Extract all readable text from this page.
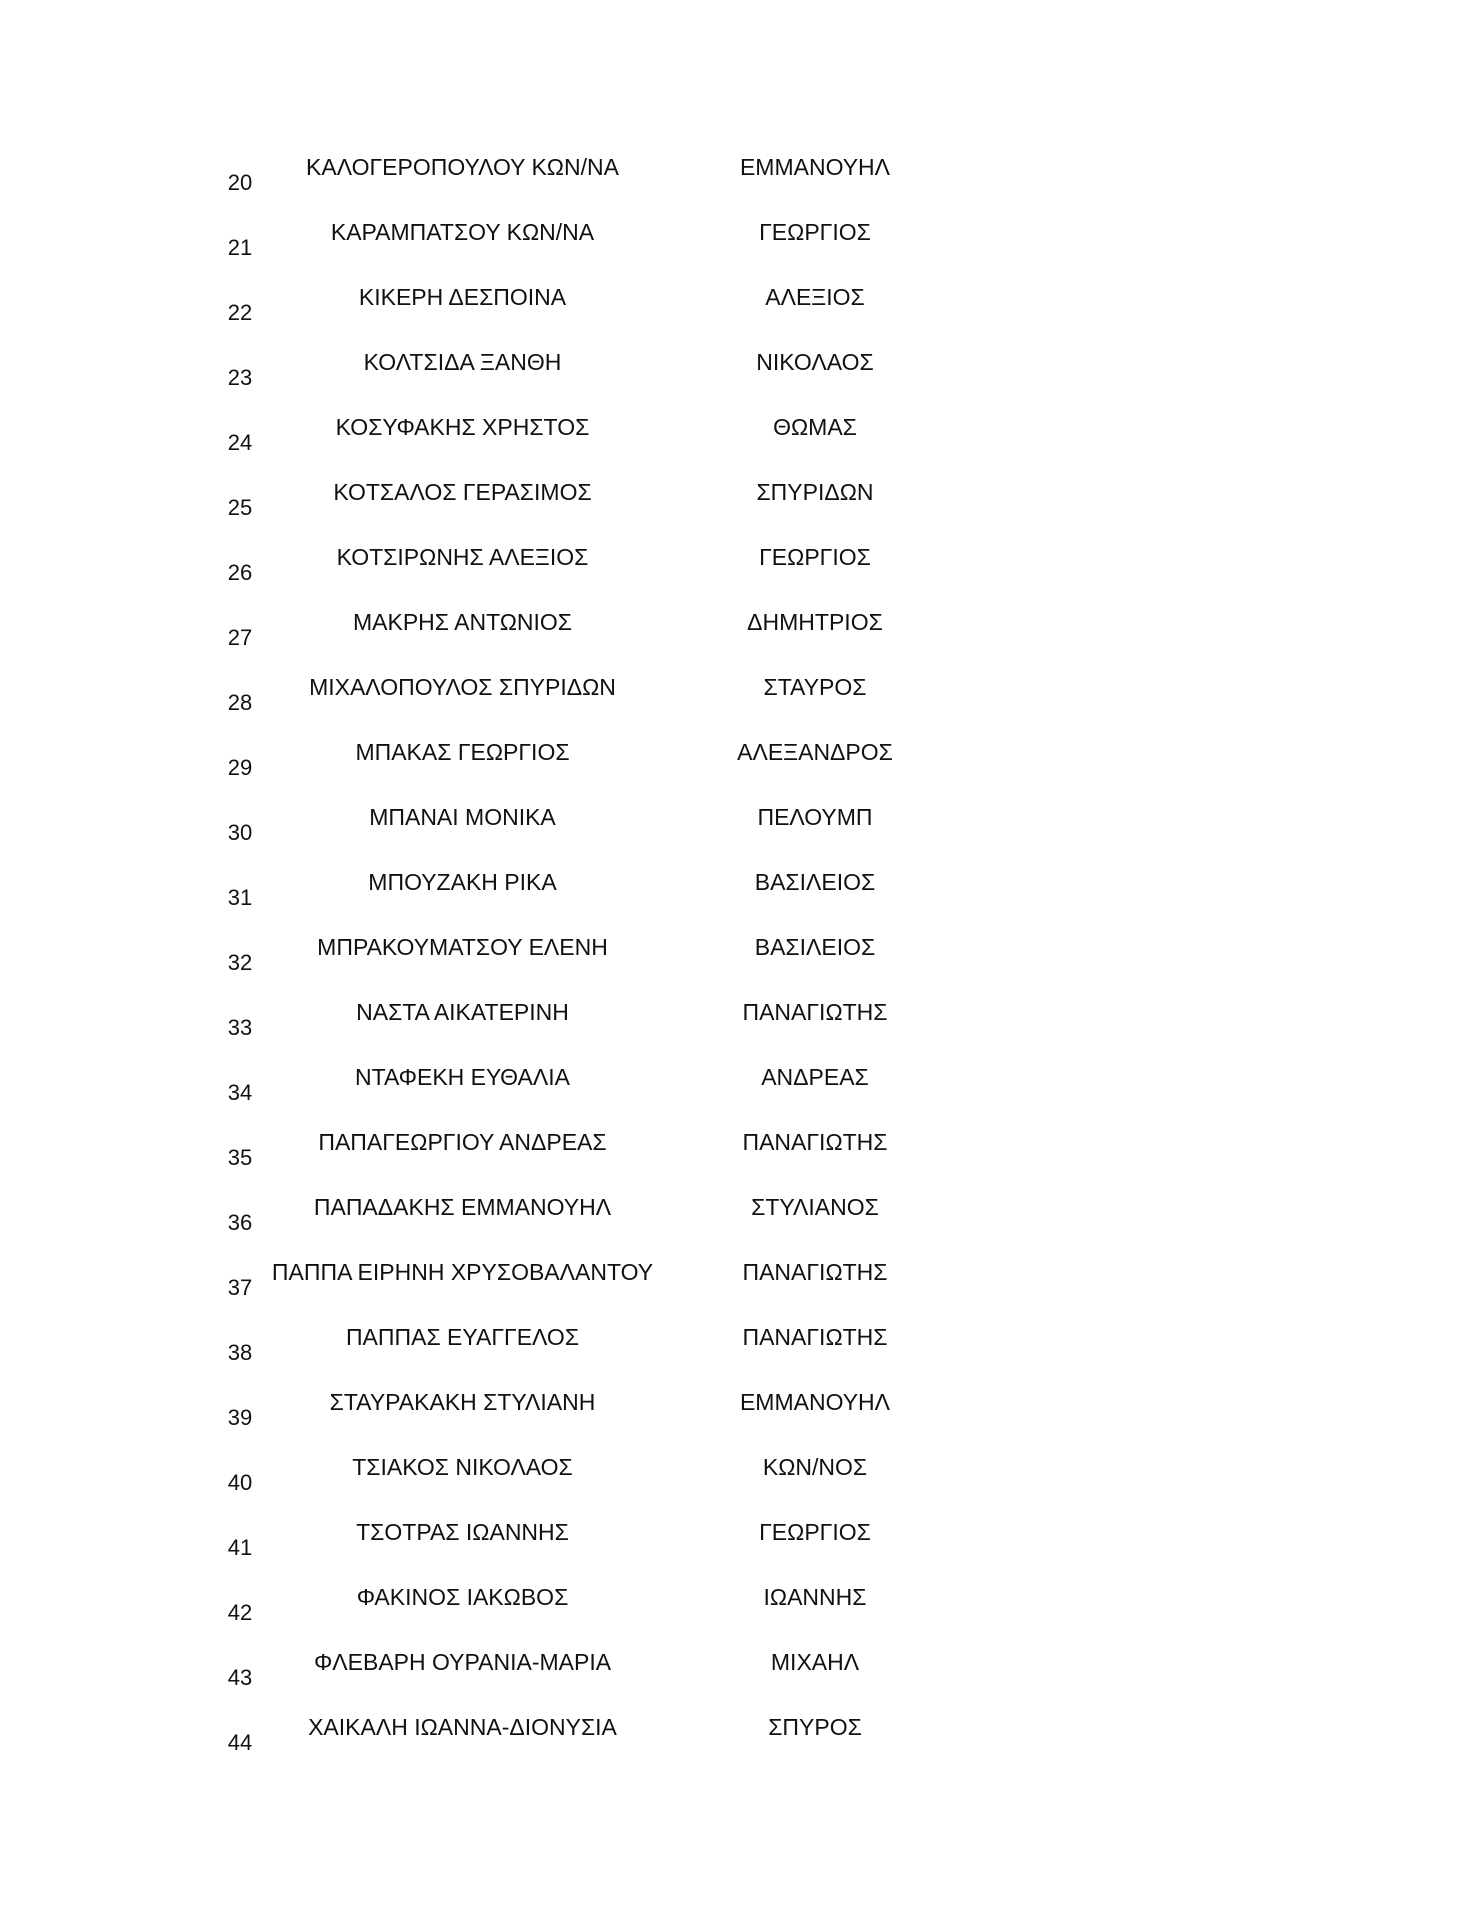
20
ΚΑΛΟΓΕΡΟΠΟΥΛΟΥ ΚΩΝ/ΝΑ	ΕΜΜΑΝΟΥΗΛ
21
ΚΑΡΑΜΠΑΤΣΟΥ ΚΩΝ/ΝΑ	ΓΕΩΡΓΙΟΣ
22
ΚΙΚΕΡΗ ΔΕΣΠΟΙΝΑ	ΑΛΕΞΙΟΣ
23
ΚΟΛΤΣΙΔΑ ΞΑΝΘΗ	ΝΙΚΟΛΑΟΣ
24
ΚΟΣΥΦΑΚΗΣ ΧΡΗΣΤΟΣ	ΘΩΜΑΣ
25
ΚΟΤΣΑΛΟΣ ΓΕΡΑΣΙΜΟΣ	ΣΠΥΡΙΔΩΝ
26
ΚΟΤΣΙΡΩΝΗΣ ΑΛΕΞΙΟΣ	ΓΕΩΡΓΙΟΣ
27
ΜΑΚΡΗΣ ΑΝΤΩΝΙΟΣ	ΔΗΜΗΤΡΙΟΣ
28
ΜΙΧΑΛΟΠΟΥΛΟΣ ΣΠΥΡΙΔΩΝ	ΣΤΑΥΡΟΣ
29
ΜΠΑΚΑΣ ΓΕΩΡΓΙΟΣ	ΑΛΕΞΑΝΔΡΟΣ
30
ΜΠΑΝΑΙ ΜΟΝΙΚΑ	ΠΕΛΟΥΜΠ
31
ΜΠΟΥΖΑΚΗ ΡΙΚΑ	ΒΑΣΙΛΕΙΟΣ
32
ΜΠΡΑΚΟΥΜΑΤΣΟΥ ΕΛΕΝΗ	ΒΑΣΙΛΕΙΟΣ
33
ΝΑΣΤΑ ΑΙΚΑΤΕΡΙΝΗ	ΠΑΝΑΓΙΩΤΗΣ
34
ΝΤΑΦΕΚΗ ΕΥΘΑΛΙΑ	ΑΝΔΡΕΑΣ
35
ΠΑΠΑΓΕΩΡΓΙΟΥ ΑΝΔΡΕΑΣ	ΠΑΝΑΓΙΩΤΗΣ
36
ΠΑΠΑΔΑΚΗΣ ΕΜΜΑΝΟΥΗΛ	ΣΤΥΛΙΑΝΟΣ
37
ΠΑΠΠΑ ΕΙΡΗΝΗ ΧΡΥΣΟΒΑΛΑΝΤΟΥ	ΠΑΝΑΓΙΩΤΗΣ
38
ΠΑΠΠΑΣ ΕΥΑΓΓΕΛΟΣ	ΠΑΝΑΓΙΩΤΗΣ
39
ΣΤΑΥΡΑΚΑΚΗ ΣΤΥΛΙΑΝΗ	ΕΜΜΑΝΟΥΗΛ
40
ΤΣΙΑΚΟΣ ΝΙΚΟΛΑΟΣ	ΚΩΝ/ΝΟΣ
41
ΤΣΟΤΡΑΣ ΙΩΑΝΝΗΣ	ΓΕΩΡΓΙΟΣ
42
ΦΑΚΙΝΟΣ ΙΑΚΩΒΟΣ	ΙΩΑΝΝΗΣ
43
ΦΛΕΒΑΡΗ ΟΥΡΑΝΙΑ-ΜΑΡΙΑ	ΜΙΧΑΗΛ
44
ΧΑΙΚΑΛΗ ΙΩΑΝΝΑ-ΔΙΟΝΥΣΙΑ	ΣΠΥΡΟΣ
